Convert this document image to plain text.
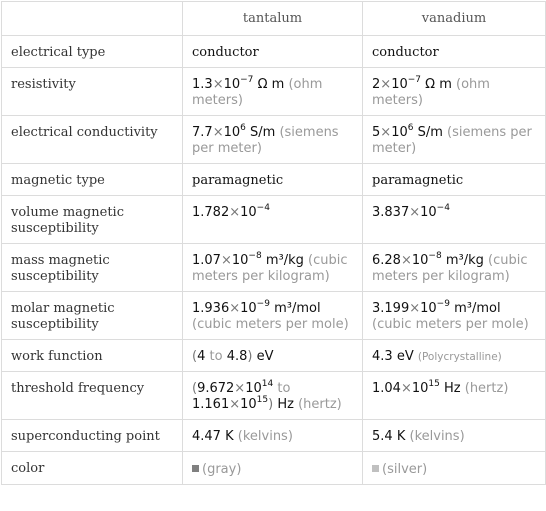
	tantalum	vanadium
electrical type	conductor	conductor
resistivity	$1.3\times 10^{-7}$ Ω m (ohm meters)	$2\times 10^{-7}$ Ω m (ohm meters)
electrical conductivity	$7.7\times 10^6$ S/m (siemens per meter)	$5\times 10^6$ S/m (siemens per meter)
magnetic type	paramagnetic	paramagnetic
volume magnetic susceptibility	$1.782\times 10^{-4}$	$3.837\times 10^{-4}$
mass magnetic susceptibility	$1.07\times 10^{-8}$ m³/kg (cubic meters per kilogram)	$6.28\times 10^{-8}$ m³/kg (cubic meters per kilogram)
molar magnetic susceptibility	$1.936\times 10^{-9}$ m³/mol (cubic meters per mole)	$3.199\times 10^{-9}$ m³/mol (cubic meters per mole)
work function	(4 to 4.8) eV	4.3 eV (Polycrystalline)
threshold frequency	($9.672\times 10^{14}$ to $1.161\times 10^{15}$) Hz (hertz)	$1.04\times 10^{15}$ Hz (hertz)
superconducting point	4.47 K (kelvins)	5.4 K (kelvins)
color	(gray)	(silver)
